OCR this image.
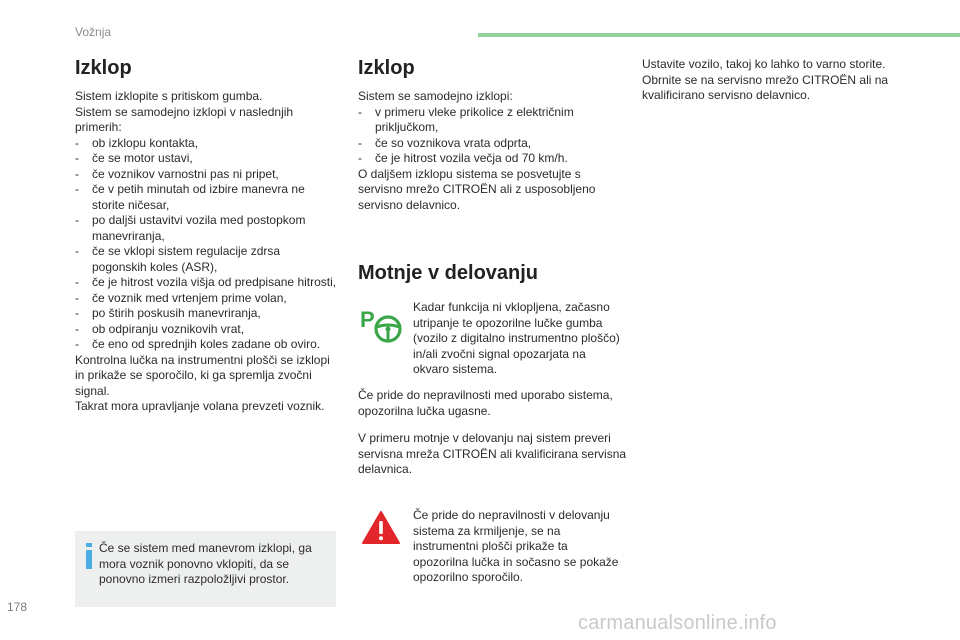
Vožnja
Izklop

Sistem izklopite s pritiskom gumba.

Sistem se samodejno izklopi v naslednjih primerih:

- ob izklopu kontakta,
- če se motor ustavi,
- če voznikov varnostni pas ni pripet,
- če v petih minutah od izbire manevra ne storite ničesar,
- po daljši ustavitvi vozila med postopkom manevriranja,
- če se vklopi sistem regulacije zdrsa pogonskih koles (ASR),
- če je hitrost vozila višja od predpisane hitrosti,
- če voznik med vrtenjem prime volan,
- po štirih poskusih manevriranja,
- ob odpiranju voznikovih vrat,
- če eno od sprednjih koles zadane ob oviro.

Kontrolna lučka na instrumentni plošči se izklopi in prikaže se sporočilo, ki ga spremlja zvočni signal.

Takrat mora upravljanje volana prevzeti voznik.

Če se sistem med manevrom izklopi, ga mora voznik ponovno vklopiti, da se ponovno izmeri razpoložljivi prostor.

Izklop

Sistem se samodejno izklopi:

- v primeru vleke prikolice z električnim priključkom,
- če so voznikova vrata odprta,
- če je hitrost vozila večja od 70 km/h.

O daljšem izklopu sistema se posvetujte s servisno mrežo CITROËN ali z usposobljeno servisno delavnico.

Motnje v delovanju
P	Kadar funkcija ni vklopljena, začasno utripanje te opozorilne lučke gumba (vozilo z digitalno instrumentno ploščo) in/ali zvočni signal opozarjata na okvaro sistema.

Če pride do nepravilnosti med uporabo sistema, opozorilna lučka ugasne.

V primeru motnje v delovanju naj sistem preveri servisna mreža CITROËN ali kvalificirana servisna delavnica.

Če pride do nepravilnosti v delovanju sistema za krmiljenje, se na instrumentni plošči prikaže ta opozorilna lučka in sočasno se pokaže opozorilno sporočilo.

Ustavite vozilo, takoj ko lahko to varno storite. Obrnite se na servisno mrežo CITROËN ali na kvalificirano servisno delavnico.

178
carmanualsonline.info
